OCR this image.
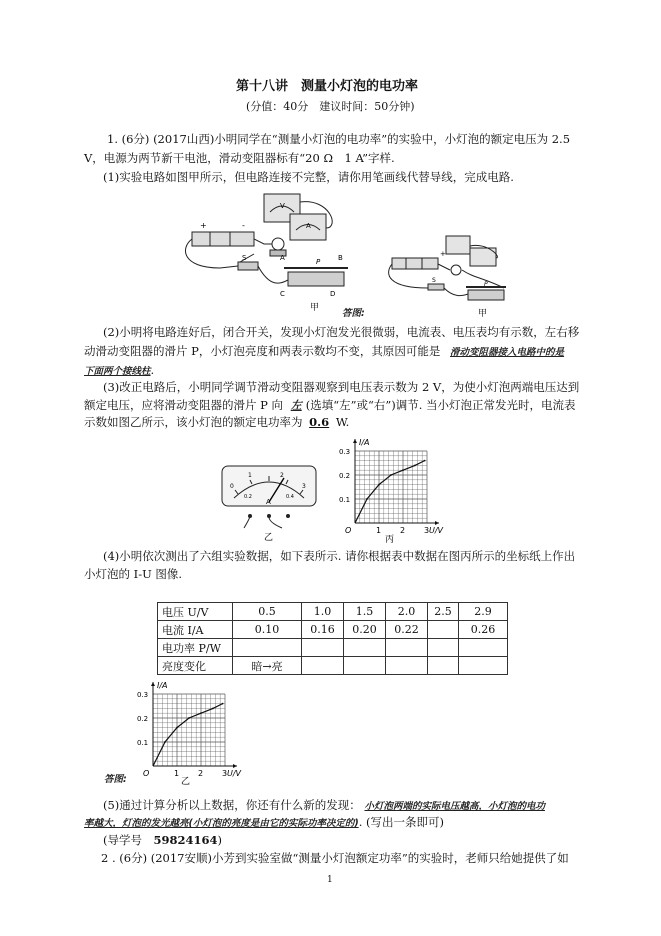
第十八讲　测量小灯泡的电功率
(分值：40分　建议时间：50分钟)
1. (6分) (2017山西)小明同学在“测量小灯泡的电功率”的实验中，小灯泡的额定电压为 2.5
V，电源为两节新干电池，滑动变阻器标有“20 Ω　1 A”字样.
(1)实验电路如图甲所示，但电路连接不完整，请你用笔画线代替导线，完成电路.
+	-
V
A
S	P
C	D
A	B
甲
+
P
S
甲
答图:
(2)小明将电路连好后，闭合开关，发现小灯泡发光很微弱，电流表、电压表均有示数，左右移
动滑动变阻器的滑片 P，小灯泡亮度和两表示数均不变，其原因可能是 滑动变阻器接入电路中的是
下面两个接线柱.
(3)改正电路后，小明同学调节滑动变阻器观察到电压表示数为 2 V，为使小灯泡两端电压达到
额定电压，应将滑动变阻器的滑片 P 向 左 (选填“左”或“右”)调节. 当小灯泡正常发光时，电流表
示数如图乙所示，该小灯泡的额定电功率为 0.6 W.
0
1	2
3
0.2	0.4
A
乙
1 2 3
0.1
0.2
0.3
O
I/A
U/V
丙
(4)小明依次测出了六组实验数据，如下表所示. 请你根据表中数据在图丙所示的坐标纸上作出
小灯泡的 I-U 图像.
电压 U/V	0.5	1.0	1.5	2.0	2.5	2.9
电流 I/A	0.10	0.16	0.20	0.22		0.26
电功率 P/W						
亮度变化	暗→亮					
1 2 3
0.1
0.2
0.3
O
I/A
U/V
乙
答图:
(5)通过计算分析以上数据，你还有什么新的发现： 小灯泡两端的实际电压越高，小灯泡的电功
率越大，灯泡的发光越亮(小灯泡的亮度是由它的实际功率决定的). (写出一条即可)
(导学号　59824164)
2 . (6分) (2017安顺)小芳到实验室做“测量小灯泡额定功率”的实验时，老师只给她提供了如
1
